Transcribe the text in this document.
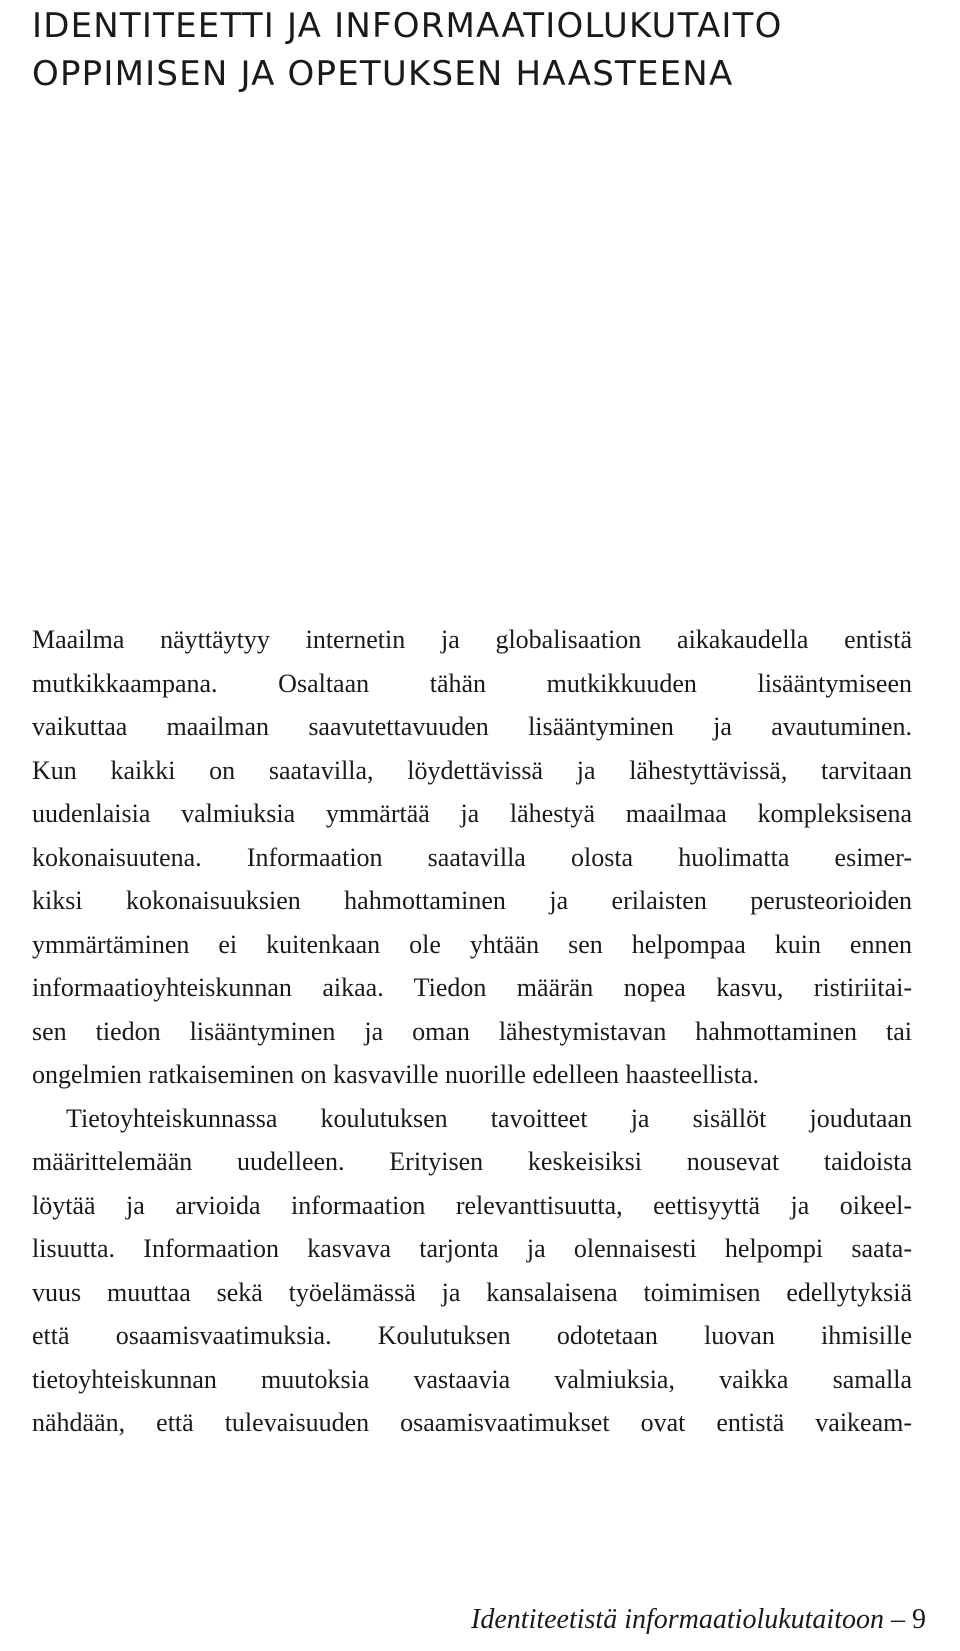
IDENTITEETTI JA INFORMAATIOLUKUTAITO
OPPIMISEN JA OPETUKSEN HAASTEENA
Maailma näyttäytyy internetin ja globalisaation aikakaudella entistä
mutkikkaampana. Osaltaan tähän mutkikkuuden lisääntymiseen
vaikuttaa maailman saavutettavuuden lisääntyminen ja avautuminen.
Kun kaikki on saatavilla, löydettävissä ja lähestyttävissä, tarvitaan
uudenlaisia valmiuksia ymmärtää ja lähestyä maailmaa kompleksisena
kokonaisuutena. Informaation saatavilla olosta huolimatta esimer-
kiksi kokonaisuuksien hahmottaminen ja erilaisten perusteorioiden
ymmärtäminen ei kuitenkaan ole yhtään sen helpompaa kuin ennen
informaatioyhteiskunnan aikaa. Tiedon määrän nopea kasvu, ristiriitai-
sen tiedon lisääntyminen ja oman lähestymistavan hahmottaminen tai
ongelmien ratkaiseminen on kasvaville nuorille edelleen haasteellista.
Tietoyhteiskunnassa koulutuksen tavoitteet ja sisällöt joudutaan
määrittelemään uudelleen. Erityisen keskeisiksi nousevat taidoista
löytää ja arvioida informaation relevanttisuutta, eettisyyttä ja oikeel-
lisuutta. Informaation kasvava tarjonta ja olennaisesti helpompi saata-
vuus muuttaa sekä työelämässä ja kansalaisena toimimisen edellytyksiä
että osaamisvaatimuksia. Koulutuksen odotetaan luovan ihmisille
tietoyhteiskunnan muutoksia vastaavia valmiuksia, vaikka samalla
nähdään, että tulevaisuuden osaamisvaatimukset ovat entistä vaikeam-
Identiteetistä informaatiolukutaitoon – 9
